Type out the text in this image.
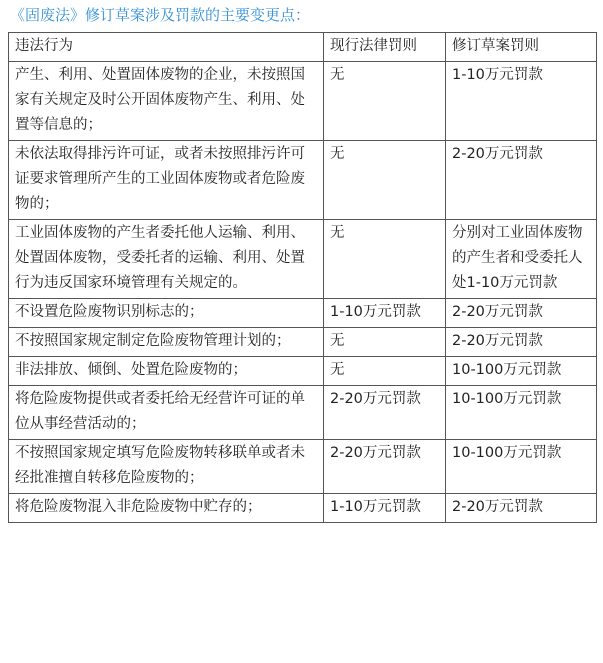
《固废法》修订草案涉及罚款的主要变更点：
违法行为	现行法律罚则	修订草案罚则
产生、利用、处置固体废物的企业，未按照国家有关规定及时公开固体废物产生、利用、处置等信息的；	无	1-10万元罚款
未依法取得排污许可证，或者未按照排污许可证要求管理所产生的工业固体废物或者危险废物的；	无	2-20万元罚款
工业固体废物的产生者委托他人运输、利用、处置固体废物，受委托者的运输、利用、处置行为违反国家环境管理有关规定的。	无	分别对工业固体废物的产生者和受委托人处1-10万元罚款
不设置危险废物识别标志的；	1-10万元罚款	2-20万元罚款
不按照国家规定制定危险废物管理计划的；	无	2-20万元罚款
非法排放、倾倒、处置危险废物的；	无	10-100万元罚款
将危险废物提供或者委托给无经营许可证的单位从事经营活动的；	2-20万元罚款	10-100万元罚款
不按照国家规定填写危险废物转移联单或者未经批准擅自转移危险废物的；	2-20万元罚款	10-100万元罚款
将危险废物混入非危险废物中贮存的；	1-10万元罚款	2-20万元罚款
